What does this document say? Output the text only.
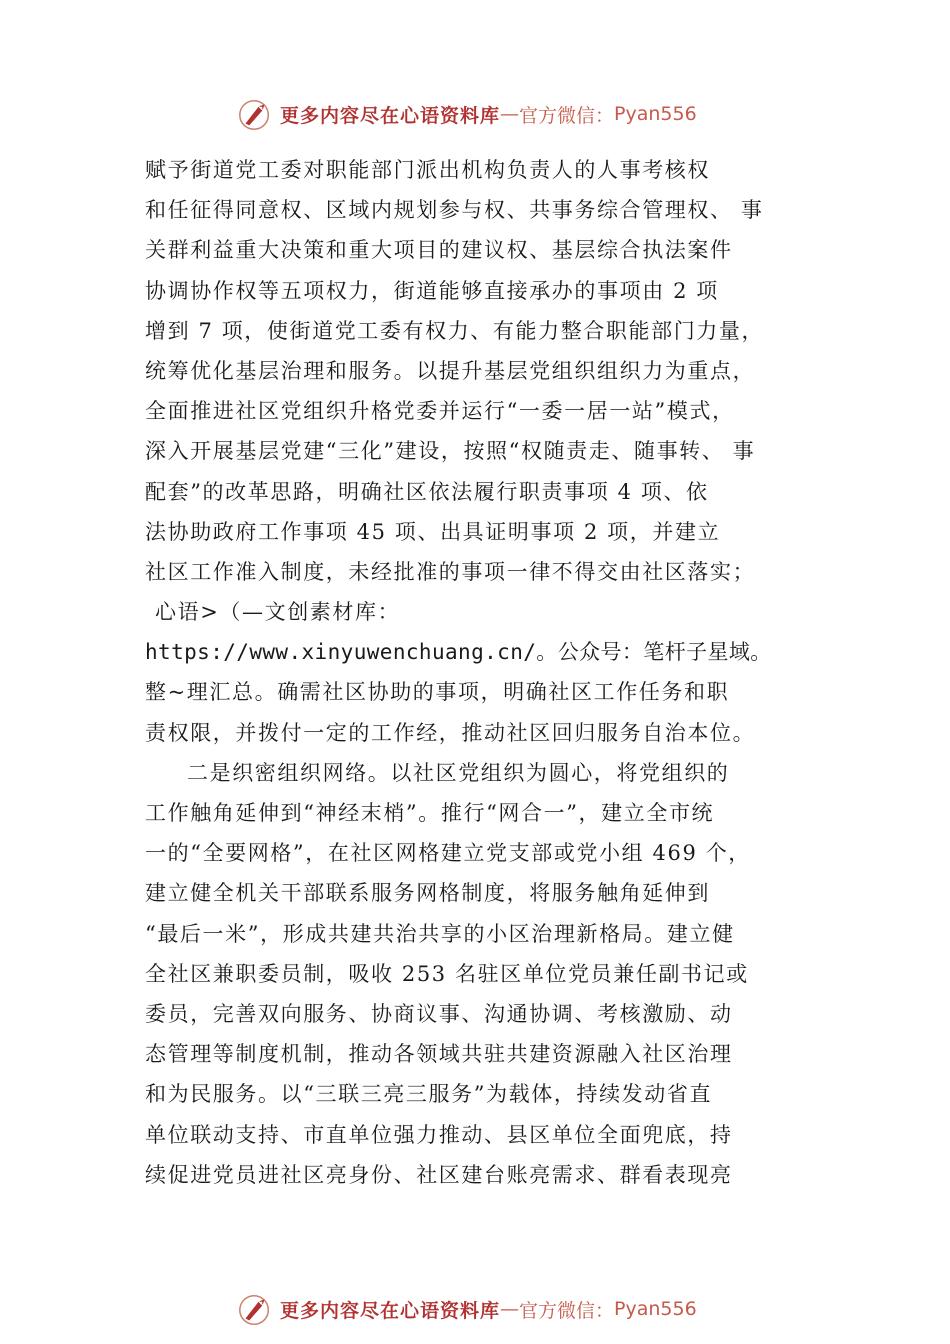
更多内容尽在心语资料库 — 官方微信： Pyan556
赋予街道党工委对职能部门派出机构负责人的人事考核权
和任征得同意权、区域内规划参与权、共事务综合管理权、 事
关群利益重大决策和重大项目的建议权、基层综合执法案件
协调协作权等五项权力，街道能够直接承办的事项由 2 项
增到 7 项，使街道党工委有权力、有能力整合职能部门力量，
统筹优化基层治理和服务。以提升基层党组织组织力为重点，
全面推进社区党组织升格党委并运行“一委一居一站”模式，
深入开展基层党建“三化”建设，按照“权随责走、随事转、 事
配套”的改革思路，明确社区依法履行职责事项 4 项、依
法协助政府工作事项 45 项、出具证明事项 2 项，并建立
社区工作准入制度，未经批准的事项一律不得交由社区落实；
心语>（—文创素材库：
https://www.xinyuwenchuang.cn/。公众号：笔杆子星域。
整~理汇总。确需社区协助的事项，明确社区工作任务和职
责权限，并拨付一定的工作经，推动社区回归服务自治本位。
二是织密组织网络。以社区党组织为圆心，将党组织的
工作触角延伸到“神经末梢”。推行“网合一”，建立全市统
一的“全要网格”，在社区网格建立党支部或党小组 469 个，
建立健全机关干部联系服务网格制度，将服务触角延伸到
“最后一米”，形成共建共治共享的小区治理新格局。建立健
全社区兼职委员制，吸收 253 名驻区单位党员兼任副书记或
委员，完善双向服务、协商议事、沟通协调、考核激励、动
态管理等制度机制，推动各领域共驻共建资源融入社区治理
和为民服务。以“三联三亮三服务”为载体，持续发动省直
单位联动支持、市直单位强力推动、县区单位全面兜底，持
续促进党员进社区亮身份、社区建台账亮需求、群看表现亮
更多内容尽在心语资料库 — 官方微信： Pyan556
